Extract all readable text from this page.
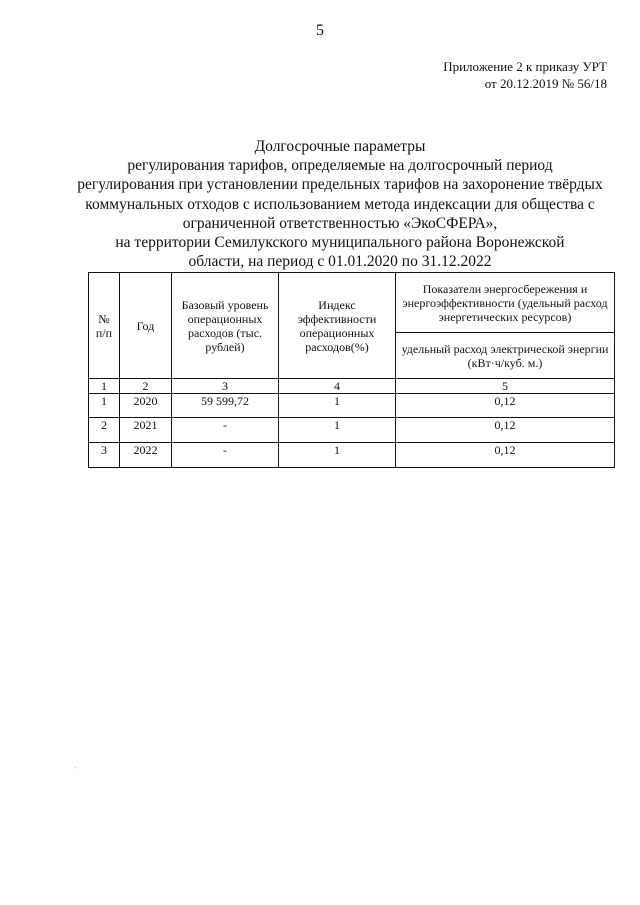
5
Приложение 2 к приказу УРТ
от 20.12.2019 № 56/18
Долгосрочные параметры
регулирования тарифов, определяемые на долгосрочный период
регулирования при установлении предельных тарифов на захоронение твёрдых
коммунальных отходов с использованием метода индексации для общества с
ограниченной ответственностью «ЭкоСФЕРА»,
на территории Семилукского муниципального района Воронежской
области, на период с 01.01.2020 по 31.12.2022
№ п/п	Год	Базовый уровень операционных расходов (тыс. рублей)	Индекс эффективности операционных расходов(%)	Показатели энергосбережения и энергоэффективности (удельный расход энергетических ресурсов)
				удельный расход электрической энергии (кВт·ч/куб. м.)
1	2	3	4	5
1	2020	59 599,72	1	0,12
2	2021	-	1	0,12
3	2022	-	1	0,12
`
